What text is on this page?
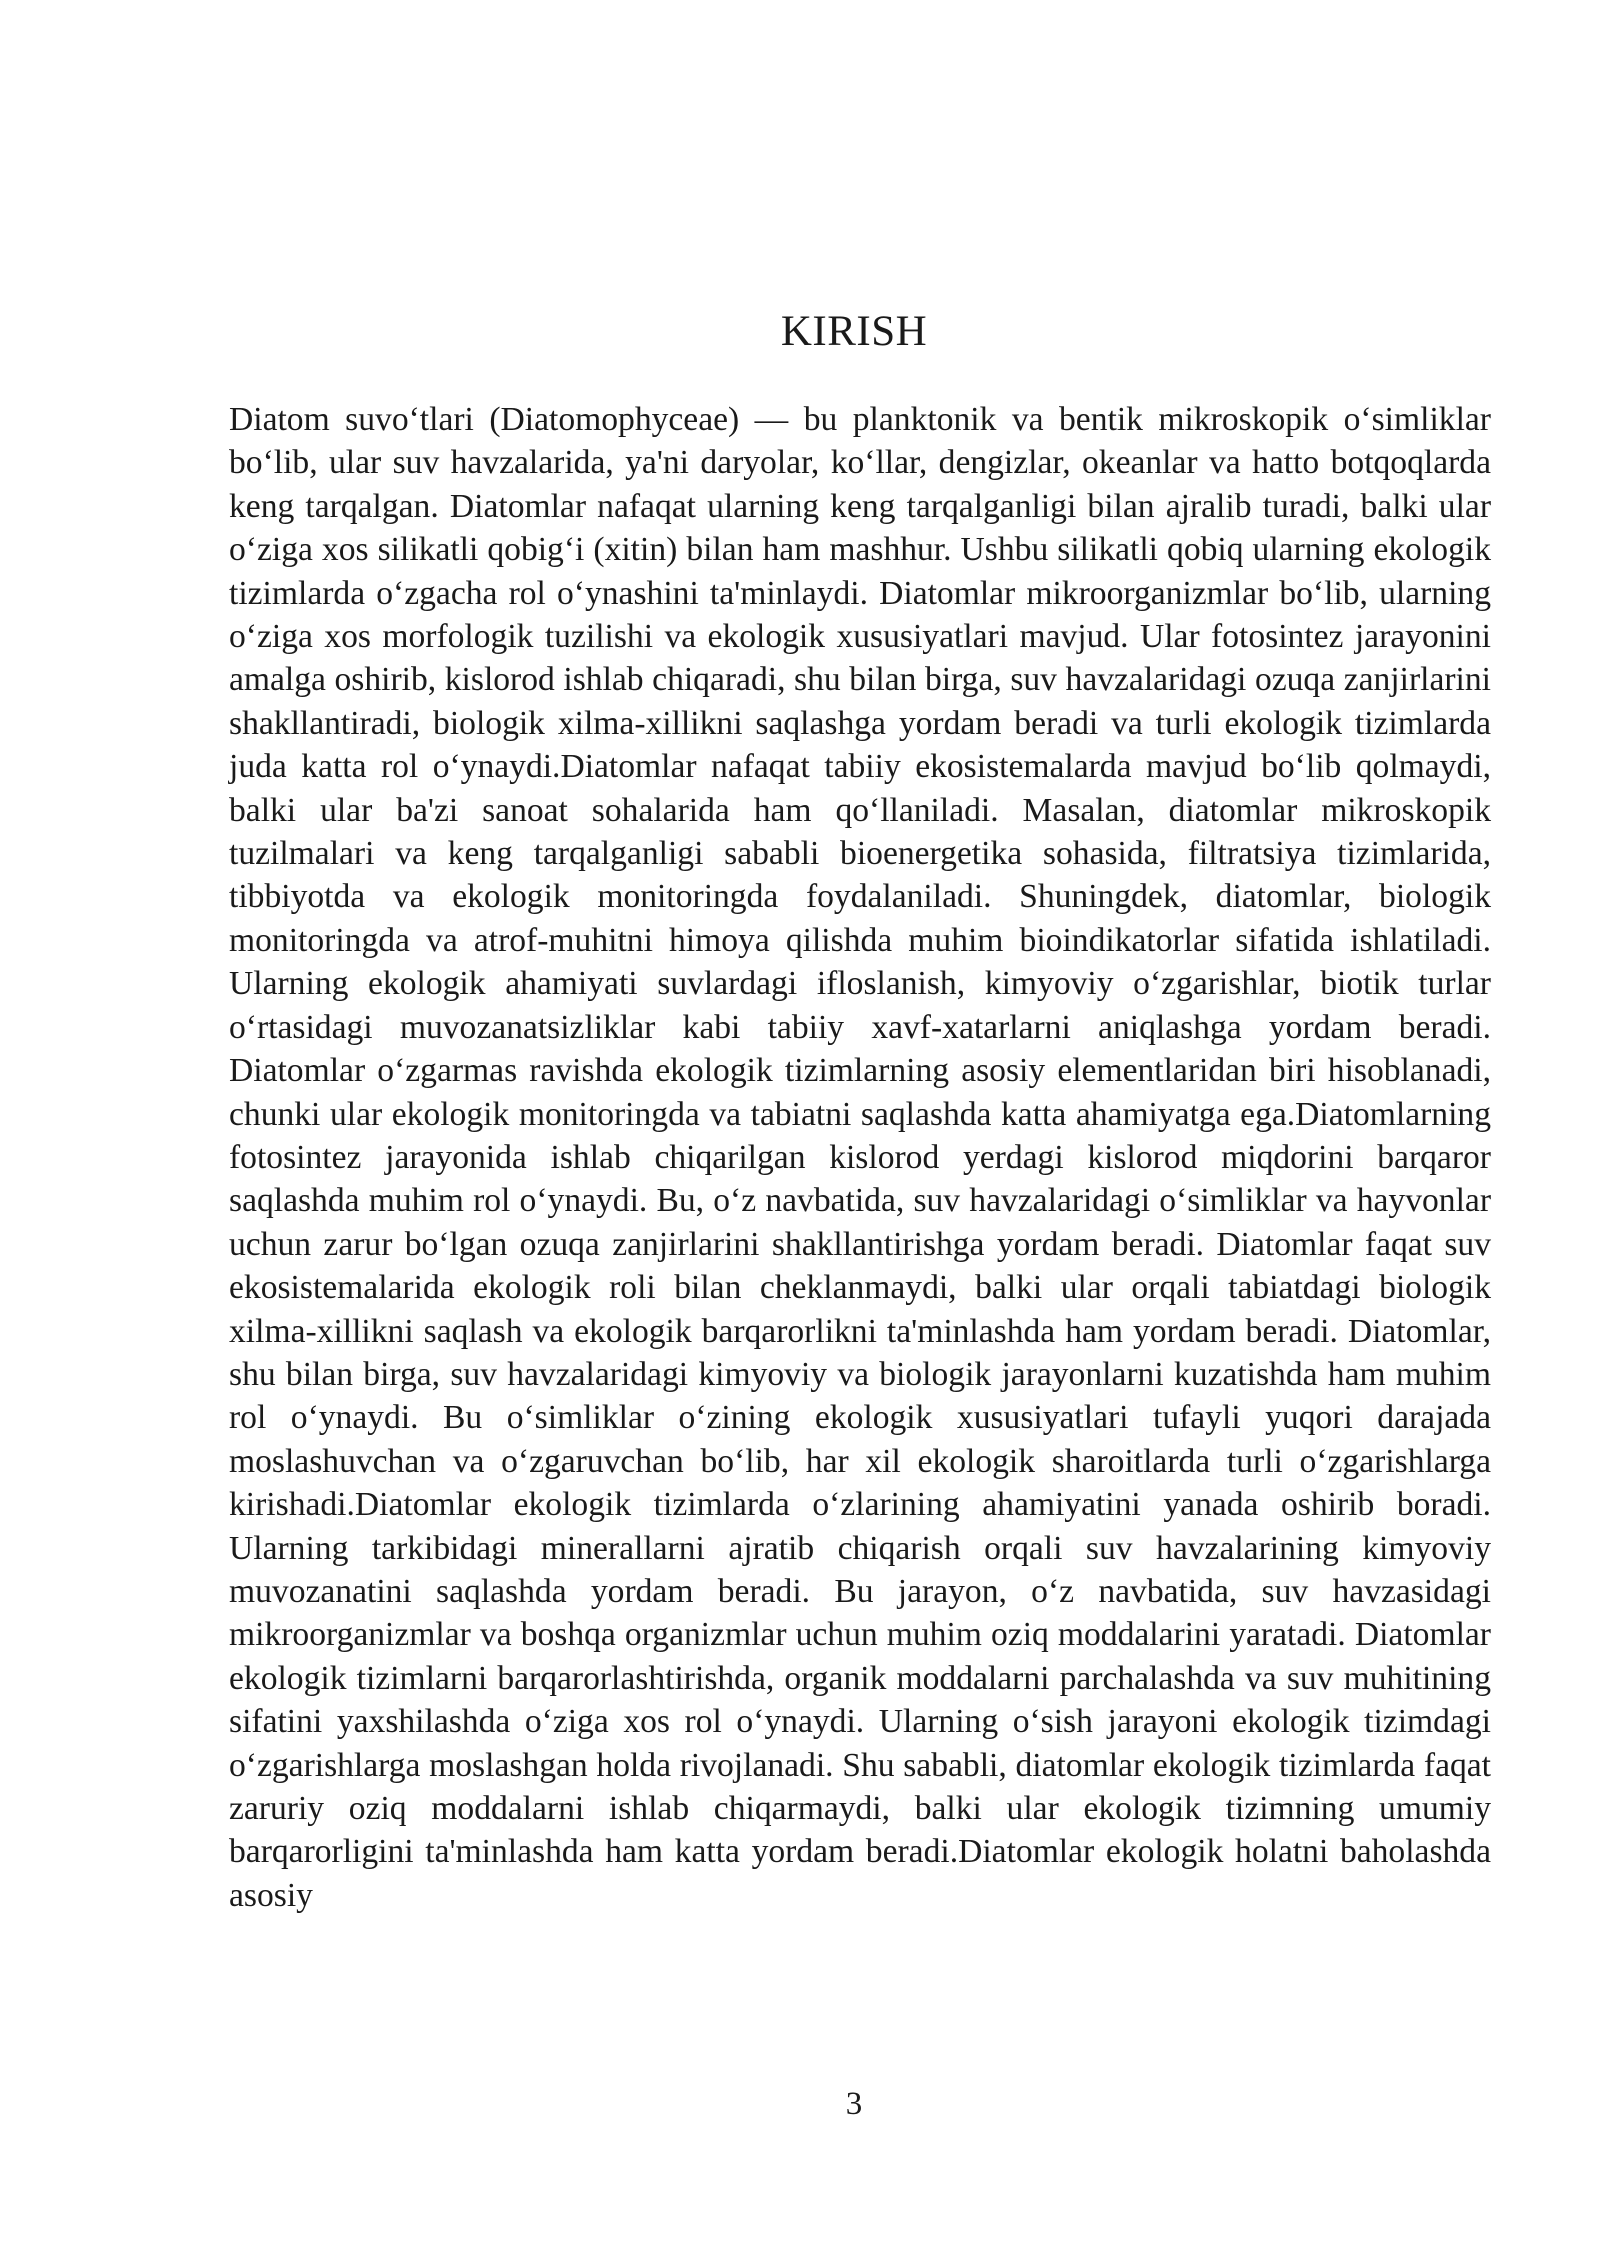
KIRISH

Diatom suvo‘tlari (Diatomophyceae) — bu planktonik va bentik mikroskopik o‘simliklar bo‘lib, ular suv havzalarida, ya'ni daryolar, ko‘llar, dengizlar, okeanlar va hatto botqoqlarda keng tarqalgan. Diatomlar nafaqat ularning keng tarqalganligi bilan ajralib turadi, balki ular o‘ziga xos silikatli qobig‘i (xitin) bilan ham mashhur. Ushbu silikatli qobiq ularning ekologik tizimlarda o‘zgacha rol o‘ynashini ta'minlaydi. Diatomlar mikroorganizmlar bo‘lib, ularning o‘ziga xos morfologik tuzilishi va ekologik xususiyatlari mavjud. Ular fotosintez jarayonini amalga oshirib, kislorod ishlab chiqaradi, shu bilan birga, suv havzalaridagi ozuqa zanjirlarini shakllantiradi, biologik xilma-xillikni saqlashga yordam beradi va turli ekologik tizimlarda juda katta rol o‘ynaydi.Diatomlar nafaqat tabiiy ekosistemalarda mavjud bo‘lib qolmaydi, balki ular ba'zi sanoat sohalarida ham qo‘llaniladi. Masalan, diatomlar mikroskopik tuzilmalari va keng tarqalganligi sababli bioenergetika sohasida, filtratsiya tizimlarida, tibbiyotda va ekologik monitoringda foydalaniladi. Shuningdek, diatomlar, biologik monitoringda va atrof-muhitni himoya qilishda muhim bioindikatorlar sifatida ishlatiladi. Ularning ekologik ahamiyati suvlardagi ifloslanish, kimyoviy o‘zgarishlar, biotik turlar o‘rtasidagi muvozanatsizliklar kabi tabiiy xavf-xatarlarni aniqlashga yordam beradi. Diatomlar o‘zgarmas ravishda ekologik tizimlarning asosiy elementlaridan biri hisoblanadi, chunki ular ekologik monitoringda va tabiatni saqlashda katta ahamiyatga ega.Diatomlarning fotosintez jarayonida ishlab chiqarilgan kislorod yerdagi kislorod miqdorini barqaror saqlashda muhim rol o‘ynaydi. Bu, o‘z navbatida, suv havzalaridagi o‘simliklar va hayvonlar uchun zarur bo‘lgan ozuqa zanjirlarini shakllantirishga yordam beradi. Diatomlar faqat suv ekosistemalarida ekologik roli bilan cheklanmaydi, balki ular orqali tabiatdagi biologik xilma-xillikni saqlash va ekologik barqarorlikni ta'minlashda ham yordam beradi. Diatomlar, shu bilan birga, suv havzalaridagi kimyoviy va biologik jarayonlarni kuzatishda ham muhim rol o‘ynaydi. Bu o‘simliklar o‘zining ekologik xususiyatlari tufayli yuqori darajada moslashuvchan va o‘zgaruvchan bo‘lib, har xil ekologik sharoitlarda turli o‘zgarishlarga kirishadi.Diatomlar ekologik tizimlarda o‘zlarining ahamiyatini yanada oshirib boradi. Ularning tarkibidagi minerallarni ajratib chiqarish orqali suv havzalarining kimyoviy muvozanatini saqlashda yordam beradi. Bu jarayon, o‘z navbatida, suv havzasidagi mikroorganizmlar va boshqa organizmlar uchun muhim oziq moddalarini yaratadi. Diatomlar ekologik tizimlarni barqarorlashtirishda, organik moddalarni parchalashda va suv muhitining sifatini yaxshilashda o‘ziga xos rol o‘ynaydi. Ularning o‘sish jarayoni ekologik tizimdagi o‘zgarishlarga moslashgan holda rivojlanadi. Shu sababli, diatomlar ekologik tizimlarda faqat zaruriy oziq moddalarni ishlab chiqarmaydi, balki ular ekologik tizimning umumiy barqarorligini ta'minlashda ham katta yordam beradi.Diatomlar ekologik holatni baholashda asosiy

3
